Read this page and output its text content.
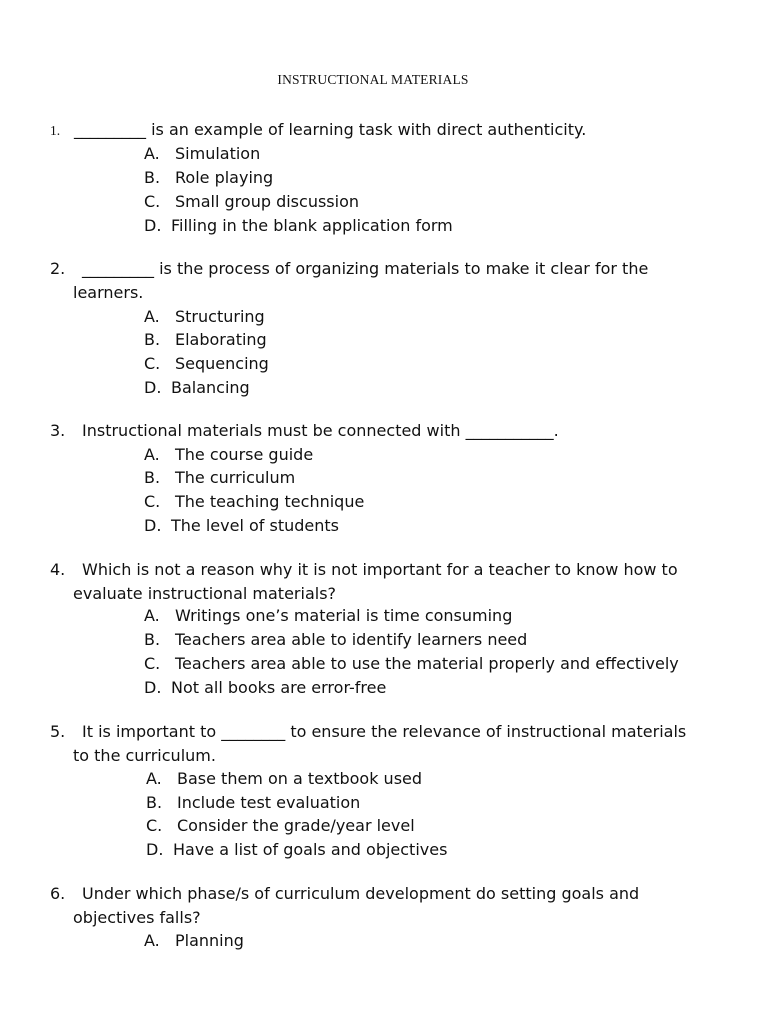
INSTRUCTIONAL MATERIALS
1. _________ is an example of learning task with direct authenticity.
A. Simulation
B. Role playing
C. Small group discussion
D. Filling in the blank application form
2. _________ is the process of organizing materials to make it clear for the
learners.
A. Structuring
B. Elaborating
C. Sequencing
D. Balancing
3. Instructional materials must be connected with ___________.
A. The course guide
B. The curriculum
C. The teaching technique
D. The level of students
4. Which is not a reason why it is not important for a teacher to know how to
evaluate instructional materials?
A. Writings one’s material is time consuming
B. Teachers area able to identify learners need
C. Teachers area able to use the material properly and effectively
D. Not all books are error-free
5. It is important to ________ to ensure the relevance of instructional materials
to the curriculum.
A. Base them on a textbook used
B. Include test evaluation
C. Consider the grade/year level
D. Have a list of goals and objectives
6. Under which phase/s of curriculum development do setting goals and
objectives falls?
A. Planning
